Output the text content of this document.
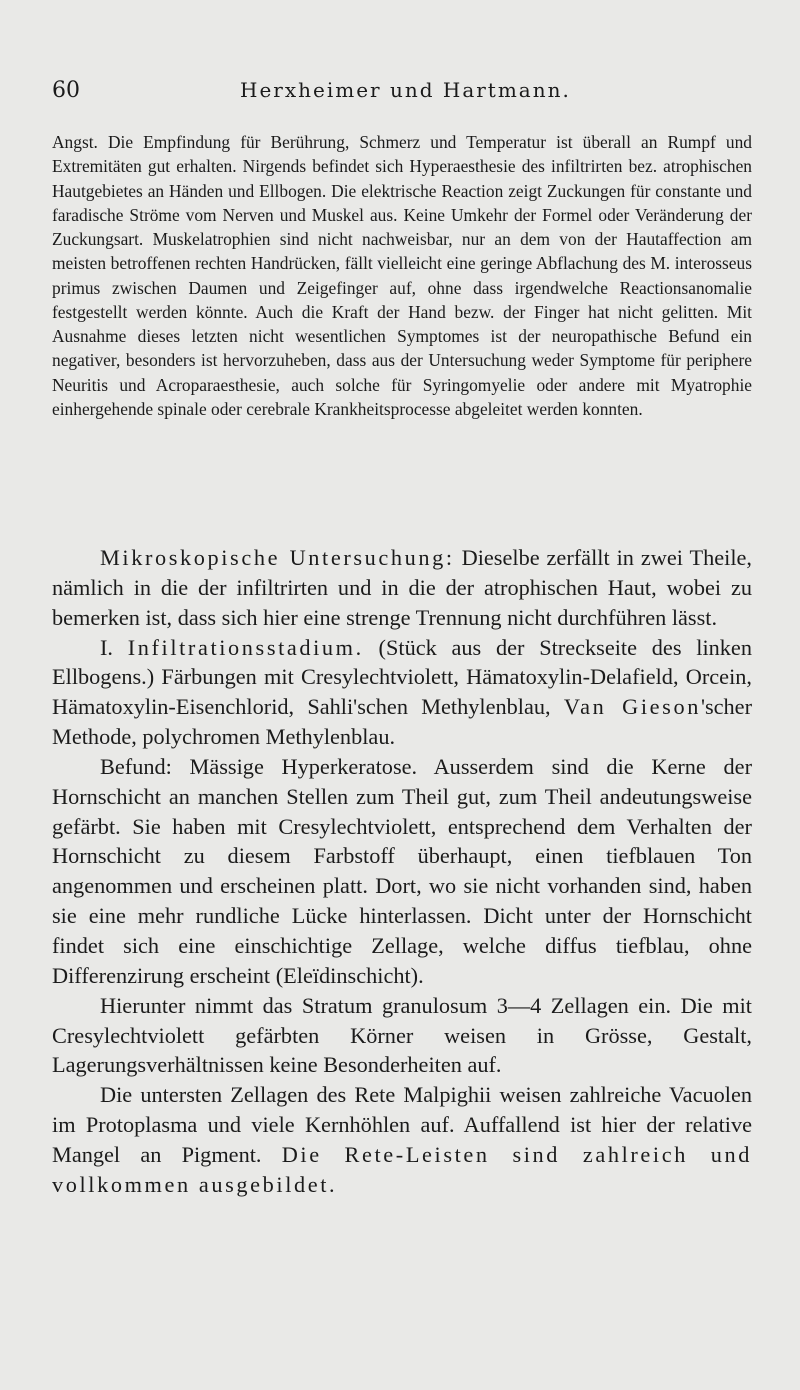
60	Herxheimer und Hartmann.

Angst. Die Empfindung für Berührung, Schmerz und Temperatur ist überall an Rumpf und Extremitäten gut erhalten. Nirgends befindet sich Hyperaesthesie des infiltrirten bez. atrophischen Hautgebietes an Händen und Ellbogen. Die elektrische Reaction zeigt Zuckungen für constante und faradische Ströme vom Nerven und Muskel aus. Keine Umkehr der Formel oder Veränderung der Zuckungsart. Muskelatrophien sind nicht nachweisbar, nur an dem von der Hautaffection am meisten betroffenen rechten Handrücken, fällt vielleicht eine geringe Abflachung des M. interosseus primus zwischen Daumen und Zeigefinger auf, ohne dass irgendwelche Reactionsanomalie festgestellt werden könnte. Auch die Kraft der Hand bezw. der Finger hat nicht gelitten. Mit Ausnahme dieses letzten nicht wesentlichen Symptomes ist der neuropathische Befund ein negativer, besonders ist hervorzuheben, dass aus der Untersuchung weder Symptome für periphere Neuritis und Acroparaesthesie, auch solche für Syringomyelie oder andere mit Myatrophie einhergehende spinale oder cerebrale Krankheitsprocesse abgeleitet werden konnten.

Mikroskopische Untersuchung: Dieselbe zerfällt in zwei Theile, nämlich in die der infiltrirten und in die der atrophischen Haut, wobei zu bemerken ist, dass sich hier eine strenge Trennung nicht durchführen lässt.

I. Infiltrationsstadium. (Stück aus der Streckseite des linken Ellbogens.) Färbungen mit Cresylechtviolett, Hämatoxylin-Delafield, Orcein, Hämatoxylin-Eisenchlorid, Sahli'schen Methylenblau, Van Gieson'scher Methode, polychromen Methylenblau.

Befund: Mässige Hyperkeratose. Ausserdem sind die Kerne der Hornschicht an manchen Stellen zum Theil gut, zum Theil andeutungsweise gefärbt. Sie haben mit Cresylechtviolett, entsprechend dem Verhalten der Hornschicht zu diesem Farbstoff überhaupt, einen tiefblauen Ton angenommen und erscheinen platt. Dort, wo sie nicht vorhanden sind, haben sie eine mehr rundliche Lücke hinterlassen. Dicht unter der Hornschicht findet sich eine einschichtige Zellage, welche diffus tiefblau, ohne Differenzirung erscheint (Eleïdinschicht).

Hierunter nimmt das Stratum granulosum 3—4 Zellagen ein. Die mit Cresylechtviolett gefärbten Körner weisen in Grösse, Gestalt, Lagerungsverhältnissen keine Besonderheiten auf.

Die untersten Zellagen des Rete Malpighii weisen zahlreiche Vacuolen im Protoplasma und viele Kernhöhlen auf. Auffallend ist hier der relative Mangel an Pigment. Die Rete-Leisten sind zahlreich und vollkommen ausgebildet.
